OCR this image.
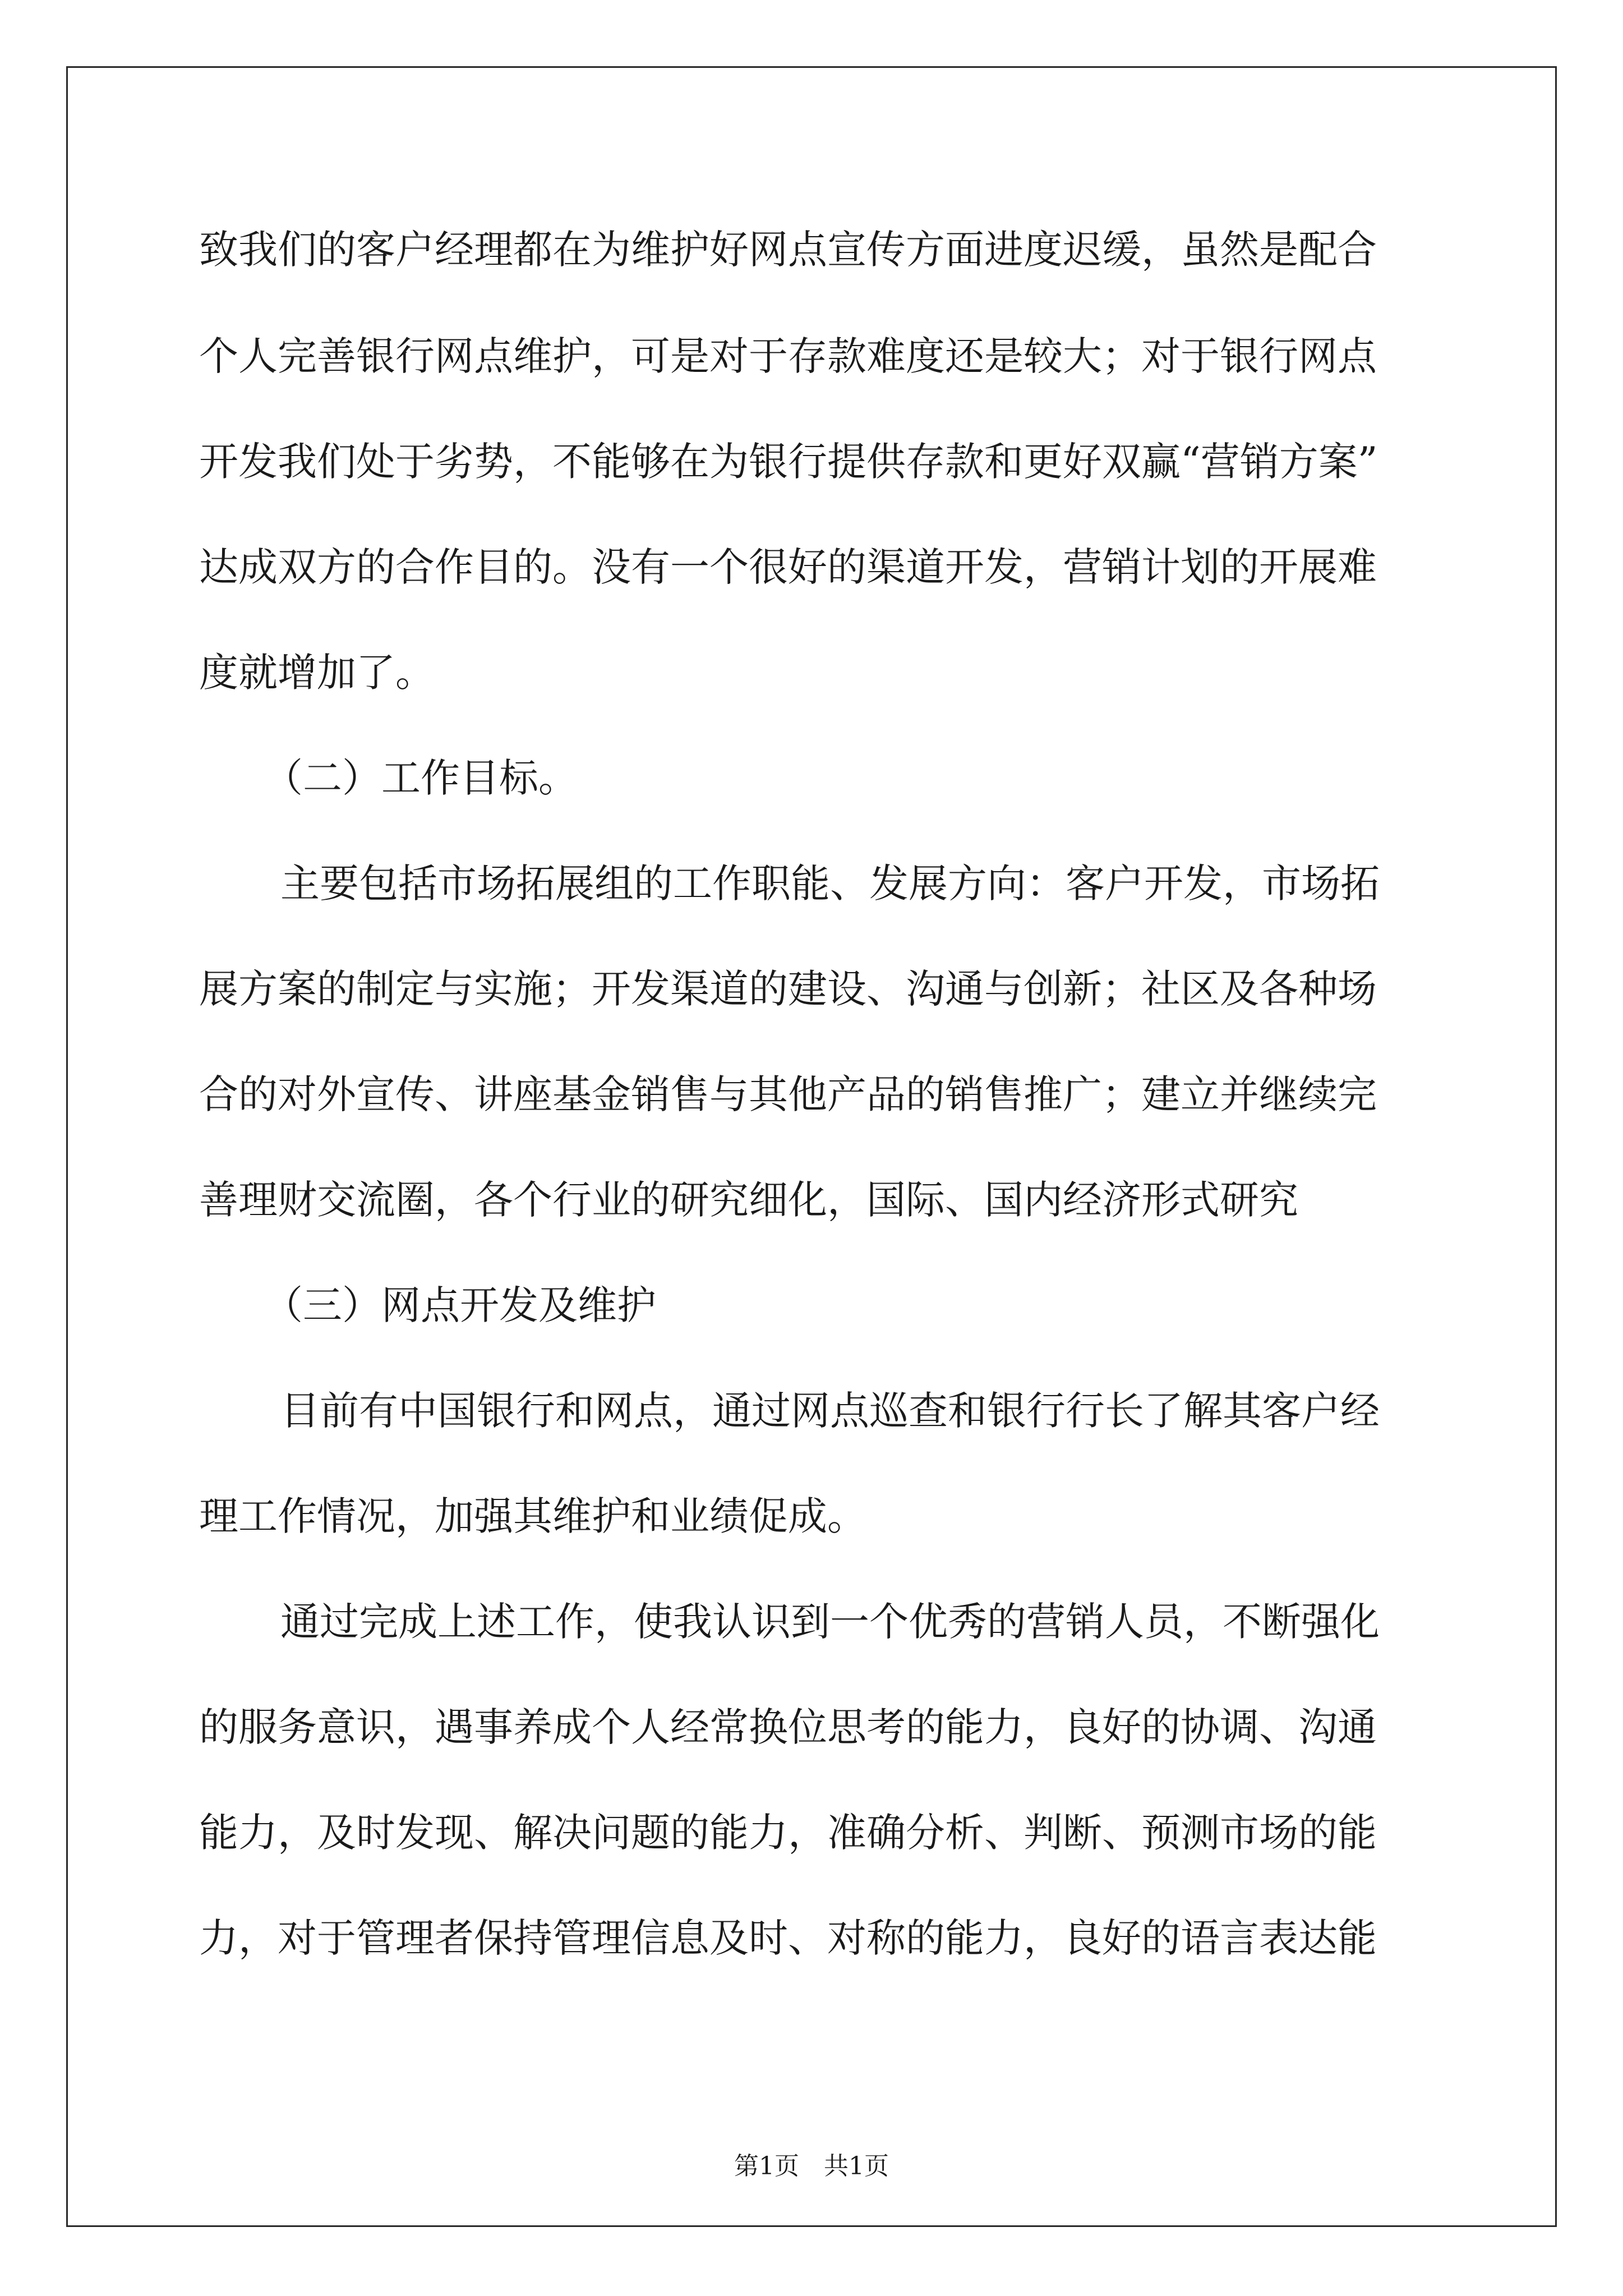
致我们的客户经理都在为维护好网点宣传方面进度迟缓，虽然是配合
个人完善银行网点维护，可是对于存款难度还是较大；对于银行网点
开发我们处于劣势，不能够在为银行提供存款和更好双赢“营销方案”
达成双方的合作目的。没有一个很好的渠道开发，营销计划的开展难
度就增加了。
（二）工作目标。
主要包括市场拓展组的工作职能、发展方向：客户开发，市场拓
展方案的制定与实施；开发渠道的建设、沟通与创新；社区及各种场
合的对外宣传、讲座基金销售与其他产品的销售推广；建立并继续完
善理财交流圈，各个行业的研究细化，国际、国内经济形式研究
（三）网点开发及维护
目前有中国银行和网点，通过网点巡查和银行行长了解其客户经
理工作情况，加强其维护和业绩促成。
通过完成上述工作，使我认识到一个优秀的营销人员，不断强化
的服务意识，遇事养成个人经常换位思考的能力，良好的协调、沟通
能力，及时发现、解决问题的能力，准确分析、判断、预测市场的能
力，对于管理者保持管理信息及时、对称的能力，良好的语言表达能
第1页　共1页
